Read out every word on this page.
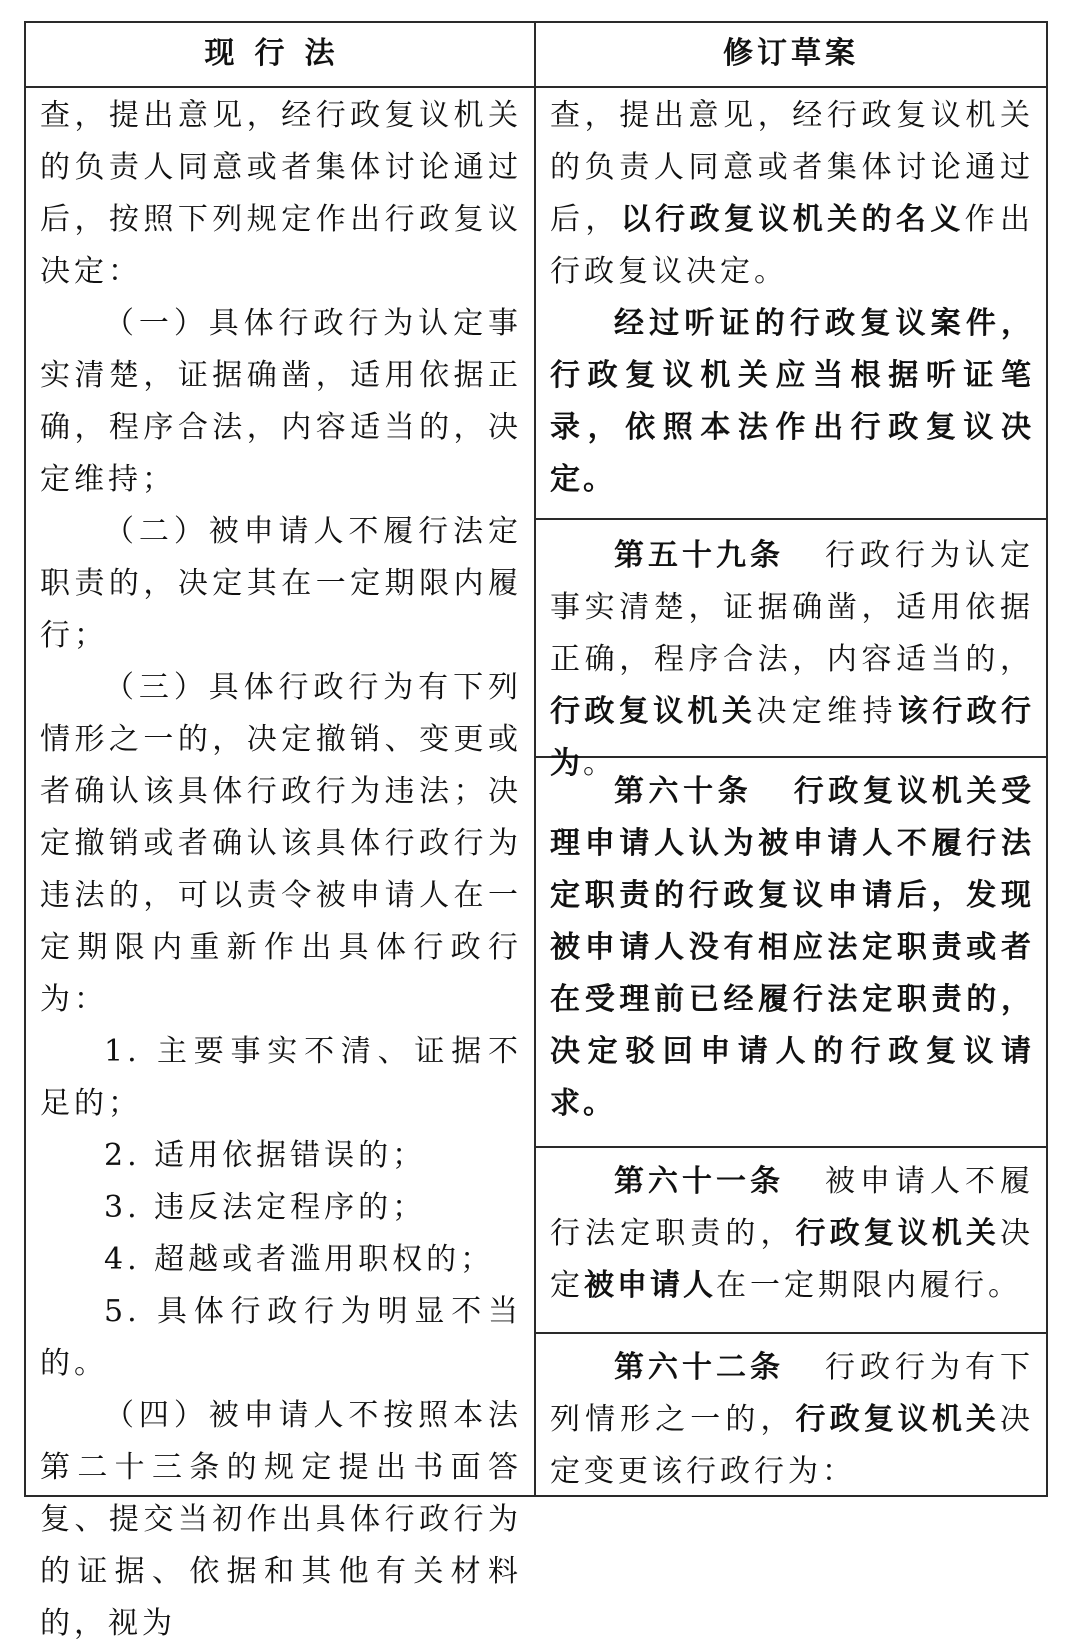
现行法	修订草案

查，提出意见，经行政复议机关的负责人同意或者集体讨论通过后，按照下列规定作出行政复议决定：

（一）具体行政行为认定事实清楚，证据确凿，适用依据正确，程序合法，内容适当的，决定维持；

（二）被申请人不履行法定职责的，决定其在一定期限内履行；

（三）具体行政行为有下列情形之一的，决定撤销、变更或者确认该具体行政行为违法；决定撤销或者确认该具体行政行为违法的，可以责令被申请人在一定期限内重新作出具体行政行为：

1. 主要事实不清、证据不足的；

2. 适用依据错误的；

3. 违反法定程序的；

4. 超越或者滥用职权的；

5. 具体行政行为明显不当的。

（四）被申请人不按照本法第二十三条的规定提出书面答复、提交当初作出具体行政行为的证据、依据和其他有关材料的，视为

查，提出意见，经行政复议机关的负责人同意或者集体讨论通过后，以行政复议机关的名义作出行政复议决定。

经过听证的行政复议案件，行政复议机关应当根据听证笔录，依照本法作出行政复议决定。

第五十九条 行政行为认定事实清楚，证据确凿，适用依据正确，程序合法，内容适当的，行政复议机关决定维持该行政行为。

第六十条 行政复议机关受理申请人认为被申请人不履行法定职责的行政复议申请后，发现被申请人没有相应法定职责或者在受理前已经履行法定职责的，决定驳回申请人的行政复议请求。

第六十一条 被申请人不履行法定职责的，行政复议机关决定被申请人在一定期限内履行。

第六十二条 行政行为有下列情形之一的，行政复议机关决定变更该行政行为：
